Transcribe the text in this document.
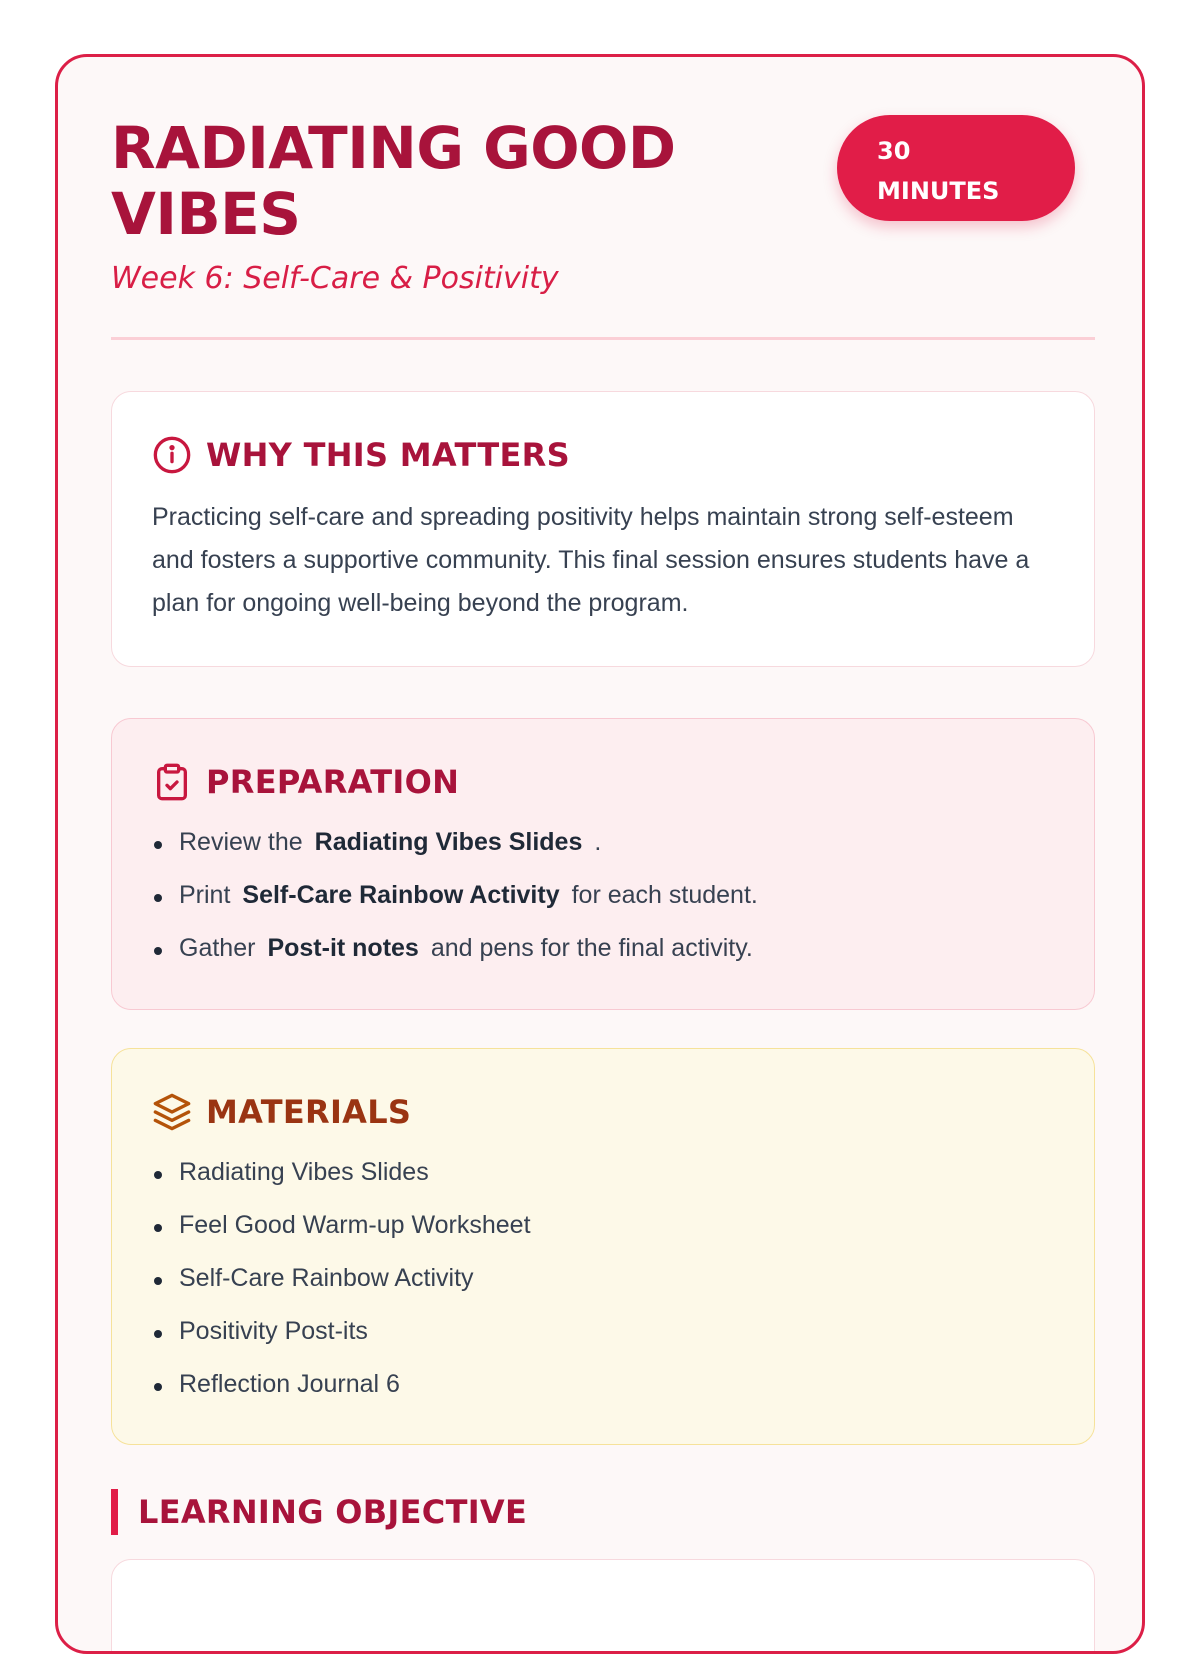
RADIATING GOOD VIBES
Week 6: Self-Care & Positivity
30
MINUTES
WHY THIS MATTERS
Practicing self-care and spreading positivity helps maintain strong self-esteem and fosters a supportive community. This final session ensures students have a plan for ongoing well-being beyond the program.
PREPARATION
Review the Radiating Vibes Slides .
Print Self-Care Rainbow Activity for each student.
Gather Post-it notes and pens for the final activity.
MATERIALS
Radiating Vibes Slides
Feel Good Warm-up Worksheet
Self-Care Rainbow Activity
Positivity Post-its
Reflection Journal 6
LEARNING OBJECTIVE
